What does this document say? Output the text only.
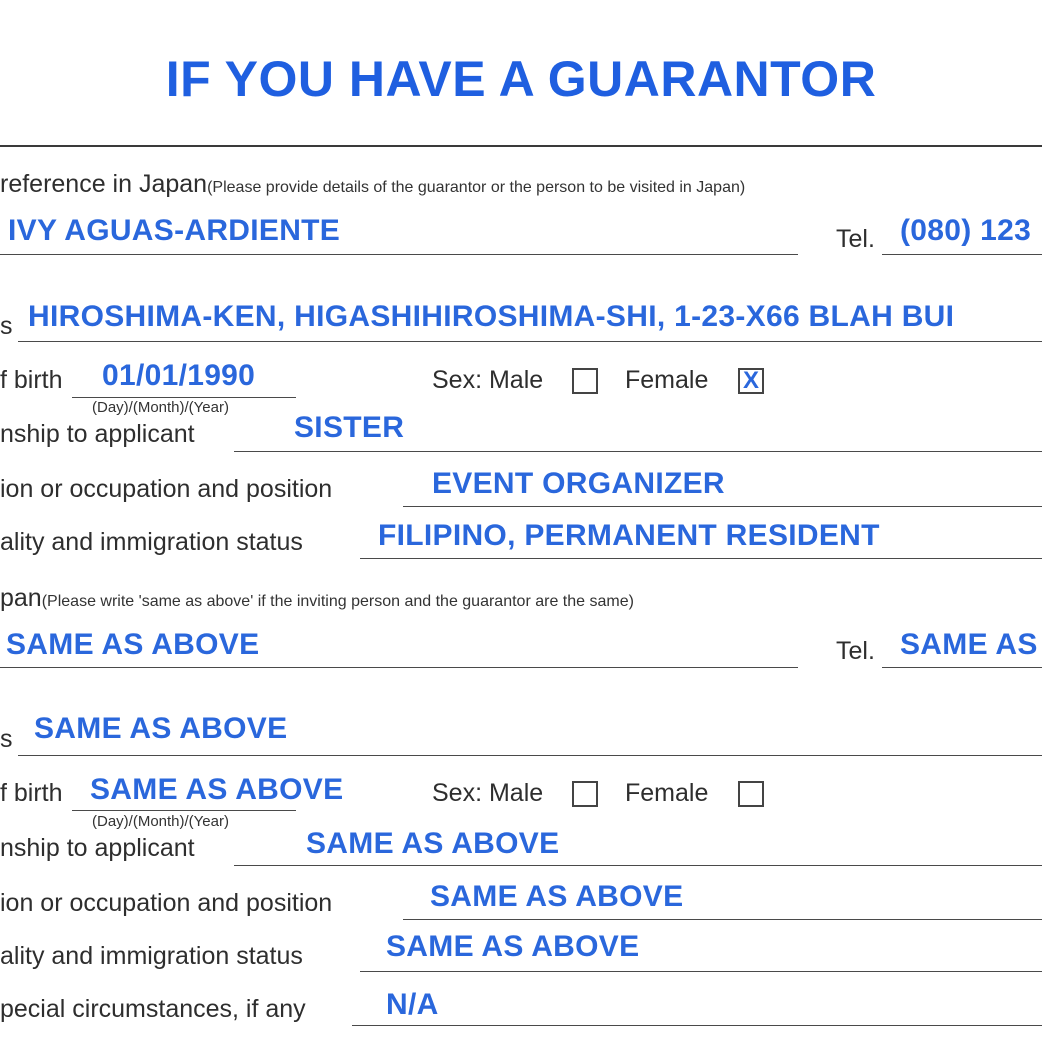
IF YOU HAVE A GUARANTOR
reference in Japan(Please provide details of the guarantor or the person to be visited in Japan)
IVY AGUAS-ARDIENTE	Tel. (080) 123
s HIROSHIMA-KEN, HIGASHIHIROSHIMA-SHI, 1-23-X66 BLAH BUI
f birth 01/01/1990
(Day)/(Month)/(Year)
Sex: Male	Female X
nship to applicant	SISTER
ion or occupation and position	EVENT ORGANIZER
ality and immigration status	FILIPINO, PERMANENT RESIDENT
pan(Please write 'same as above' if the inviting person and the guarantor are the same)
SAME AS ABOVE	Tel. SAME AS
s SAME AS ABOVE
f birth SAME AS ABOVE
(Day)/(Month)/(Year)
Sex: Male	Female
nship to applicant	SAME AS ABOVE
ion or occupation and position	SAME AS ABOVE
ality and immigration status	SAME AS ABOVE
pecial circumstances, if any	N/A
